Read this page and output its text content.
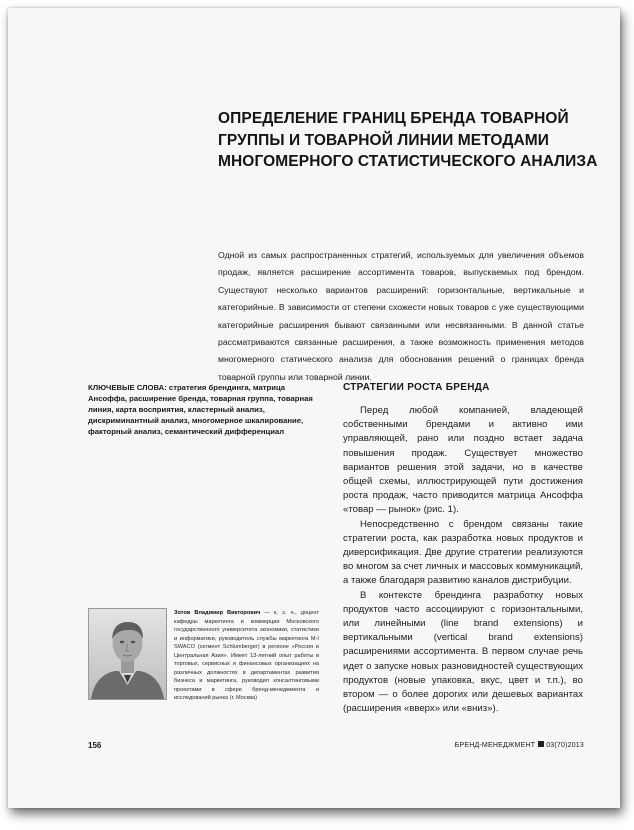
ОПРЕДЕЛЕНИЕ ГРАНИЦ БРЕНДА ТОВАРНОЙ ГРУППЫ И ТОВАРНОЙ ЛИНИИ МЕТОДАМИ МНОГОМЕРНОГО СТАТИСТИЧЕСКОГО АНАЛИЗА

Одной из самых распространенных стратегий, используемых для увеличения объемов продаж, является расширение ассортимента товаров, выпускаемых под брендом. Существуют несколько вариантов расширений: горизонтальные, вертикальные и категорийные. В зависимости от степени схожести новых товаров с уже существующими категорийные расширения бывают связанными или несвязанными. В данной статье рассматриваются связанные расширения, а также возможность применения методов многомерного статического анализа для обоснования решений о границах бренда товарной группы или товарной линии.

КЛЮЧЕВЫЕ СЛОВА: стратегия брендинга, матрица Ансоффа, расширение бренда, товарная группа, товарная линия, карта восприятия, кластерный анализ, дискриминантный анализ, многомерное шкалирование, факторный анализ, семантический дифференциал

СТРАТЕГИИ РОСТА БРЕНДА

Перед любой компанией, владеющей собственными брендами и активно ими управляющей, рано или поздно встает задача повышения продаж. Существует множество вариантов решения этой задачи, но в качестве общей схемы, иллюстрирующей пути достижения роста продаж, часто приводится матрица Ансоффа «товар — рынок» (рис. 1).

Непосредственно с брендом связаны такие стратегии роста, как разработка новых продуктов и диверсификация. Две другие стратегии реализуются во многом за счет личных и массовых коммуникаций, а также благодаря развитию каналов дистрибуции.

В контексте брендинга разработку новых продуктов часто ассоциируют с горизонтальными, или линейными (line brand extensions) и вертикальными (vertical brand extensions) расширениями ассортимента. В первом случае речь идет о запуске новых разновидностей существующих продуктов (новые упаковка, вкус, цвет и т.п.), во втором — о более дорогих или дешевых вариантах (расширения «вверх» или «вниз»).

Зотов Владимир Викторович — к. э. н., доцент кафедры маркетинга и коммерции Московского государственного университета экономики, статистики и информатики, руководитель службы маркетинга M-I SWACO (сегмент Schlumberger) в регионе «Россия и Центральная Азия». Имеет 13-летний опыт работы в торговых, сервисных и финансовых организациях на различных должностях в департаментах развития бизнеса и маркетинга, руководил консалтинговыми проектами в сфере бренд-менеджмента и исследований рынка (г. Москва)

156	БРЕНД-МЕНЕДЖМЕНТ 03(70)2013
